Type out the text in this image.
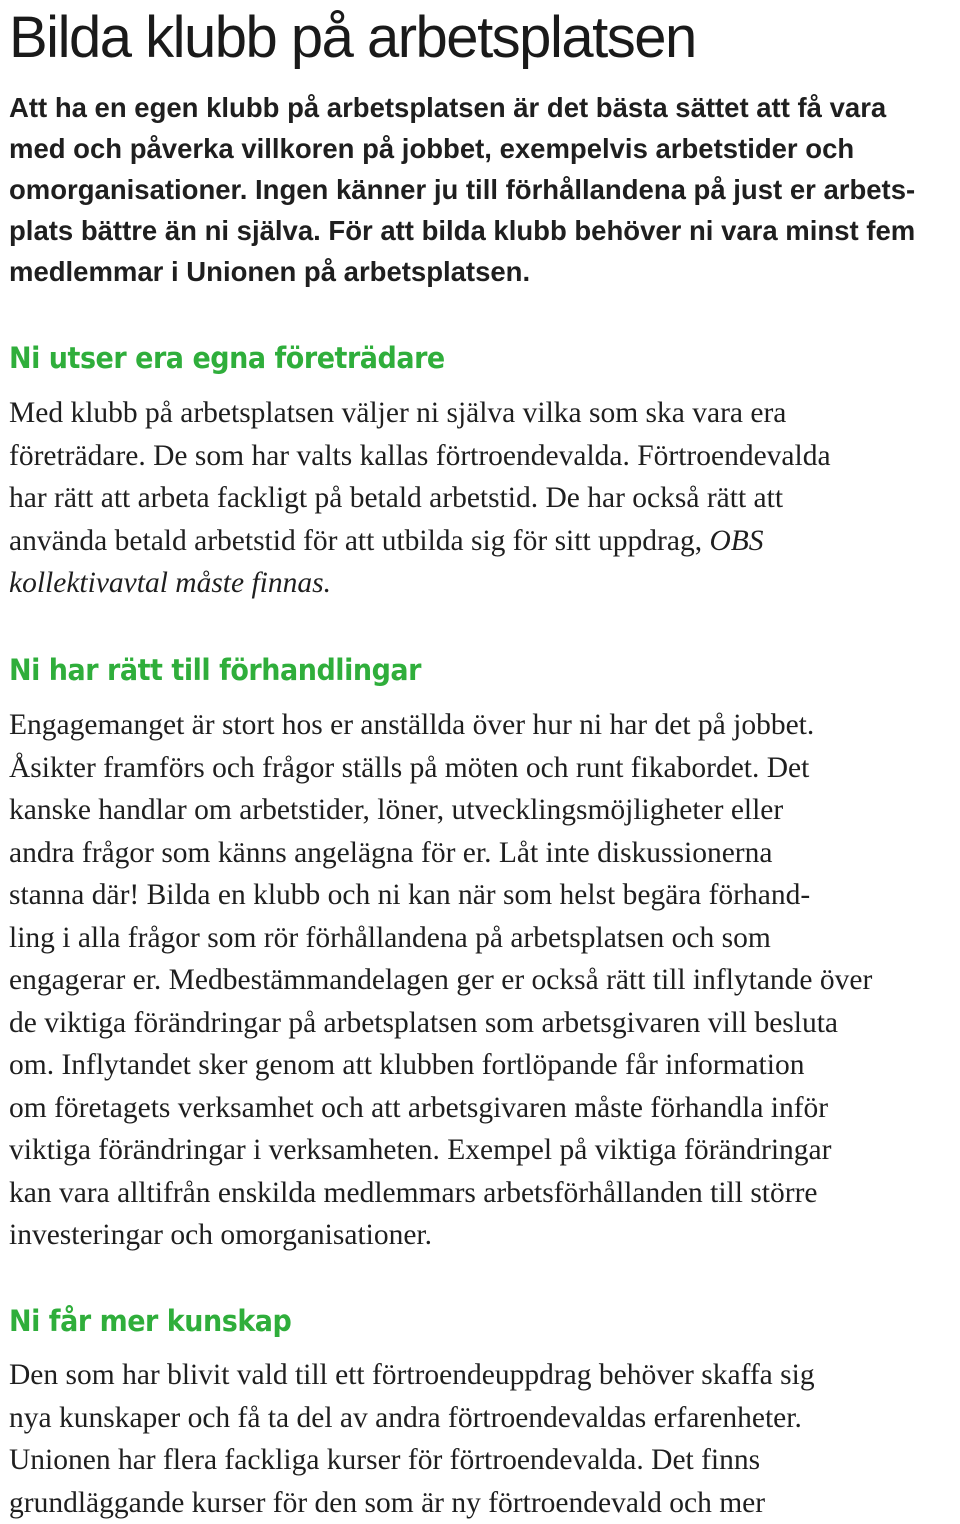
Bilda klubb på arbetsplatsen

Att ha en egen klubb på arbetsplatsen är det bästa sättet att få vara
med och påverka villkoren på jobbet, exempelvis arbetstider och
omorganisationer. Ingen känner ju till förhållandena på just er arbets-
plats bättre än ni själva. För att bilda klubb behöver ni vara minst fem
medlemmar i Unionen på arbetsplatsen.

Ni utser era egna företrädare

Med klubb på arbetsplatsen väljer ni själva vilka som ska vara era
företrädare. De som har valts kallas förtroendevalda. Förtroendevalda
har rätt att arbeta fackligt på betald arbetstid. De har också rätt att
använda betald arbetstid för att utbilda sig för sitt uppdrag, OBS
kollektivavtal måste finnas.

Ni har rätt till förhandlingar

Engagemanget är stort hos er anställda över hur ni har det på jobbet.
Åsikter framförs och frågor ställs på möten och runt fikabordet. Det
kanske handlar om arbetstider, löner, utvecklingsmöjligheter eller
andra frågor som känns angelägna för er. Låt inte diskussionerna
stanna där! Bilda en klubb och ni kan när som helst begära förhand-
ling i alla frågor som rör förhållandena på arbetsplatsen och som
engagerar er. Medbestämmandelagen ger er också rätt till inflytande över
de viktiga förändringar på arbetsplatsen som arbetsgivaren vill besluta
om. Inflytandet sker genom att klubben fortlöpande får information
om företagets verksamhet och att arbetsgivaren måste förhandla inför
viktiga förändringar i verksamheten. Exempel på viktiga förändringar
kan vara alltifrån enskilda medlemmars arbetsförhållanden till större
investeringar och omorganisationer.

Ni får mer kunskap

Den som har blivit vald till ett förtroendeuppdrag behöver skaffa sig
nya kunskaper och få ta del av andra förtroendevaldas erfarenheter.
Unionen har flera fackliga kurser för förtroendevalda. Det finns
grundläggande kurser för den som är ny förtroendevald och mer
